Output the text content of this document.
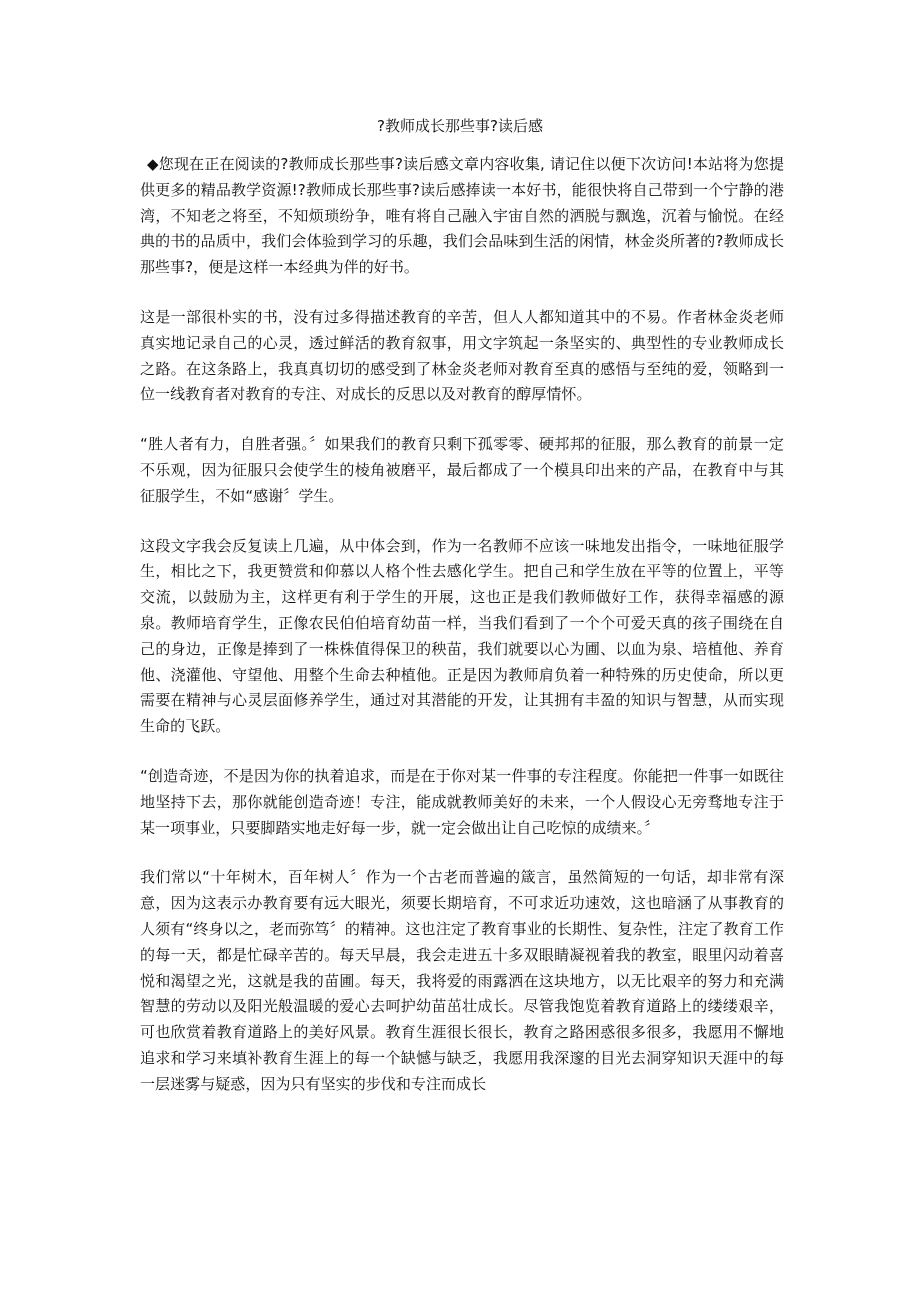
?教师成长那些事?读后感

◆您现在正在阅读的?教师成长那些事?读后感文章内容收集, 请记住以便下次访问!本站将为您提供更多的精品教学资源!?教师成长那些事?读后感捧读一本好书，能很快将自己带到一个宁静的港湾，不知老之将至，不知烦琐纷争，唯有将自己融入宇宙自然的洒脱与飘逸，沉着与愉悦。在经典的书的品质中，我们会体验到学习的乐趣，我们会品味到生活的闲情，林金炎所著的?教师成长那些事?，便是这样一本经典为伴的好书。

这是一部很朴实的书，没有过多得描述教育的辛苦，但人人都知道其中的不易。作者林金炎老师真实地记录自己的心灵，透过鲜活的教育叙事，用文字筑起一条坚实的、典型性的专业教师成长之路。在这条路上，我真真切切的感受到了林金炎老师对教育至真的感悟与至纯的爱，领略到一位一线教育者对教育的专注、对成长的反思以及对教育的醇厚情怀。

“胜人者有力，自胜者强。〞如果我们的教育只剩下孤零零、硬邦邦的征服，那么教育的前景一定不乐观，因为征服只会使学生的棱角被磨平，最后都成了一个模具印出来的产品，在教育中与其征服学生，不如“感谢〞学生。

这段文字我会反复读上几遍，从中体会到，作为一名教师不应该一味地发出指令，一味地征服学生，相比之下，我更赞赏和仰慕以人格个性去感化学生。把自己和学生放在平等的位置上，平等交流，以鼓励为主，这样更有利于学生的开展，这也正是我们教师做好工作，获得幸福感的源泉。教师培育学生，正像农民伯伯培育幼苗一样，当我们看到了一个个可爱天真的孩子围绕在自己的身边，正像是捧到了一株株值得保卫的秧苗，我们就要以心为圃、以血为泉、培植他、养育他、浇灌他、守望他、用整个生命去种植他。正是因为教师肩负着一种特殊的历史使命，所以更需要在精神与心灵层面修养学生，通过对其潜能的开发，让其拥有丰盈的知识与智慧，从而实现生命的飞跃。

“创造奇迹，不是因为你的执着追求，而是在于你对某一件事的专注程度。你能把一件事一如既往地坚持下去，那你就能创造奇迹！专注，能成就教师美好的未来，一个人假设心无旁骛地专注于某一项事业，只要脚踏实地走好每一步，就一定会做出让自己吃惊的成绩来。〞

我们常以“十年树木，百年树人〞作为一个古老而普遍的箴言，虽然简短的一句话，却非常有深意，因为这表示办教育要有远大眼光，须要长期培育，不可求近功速效，这也暗涵了从事教育的人须有“终身以之，老而弥笃〞的精神。这也注定了教育事业的长期性、复杂性，注定了教育工作的每一天，都是忙碌辛苦的。每天早晨，我会走进五十多双眼睛凝视着我的教室，眼里闪动着喜悦和渴望之光，这就是我的苗圃。每天，我将爱的雨露洒在这块地方，以无比艰辛的努力和充满智慧的劳动以及阳光般温暖的爱心去呵护幼苗茁壮成长。尽管我饱览着教育道路上的缕缕艰辛，可也欣赏着教育道路上的美好风景。教育生涯很长很长，教育之路困惑很多很多，我愿用不懈地追求和学习来填补教育生涯上的每一个缺憾与缺乏，我愿用我深邃的目光去洞穿知识天涯中的每一层迷雾与疑惑，因为只有坚实的步伐和专注而成长
